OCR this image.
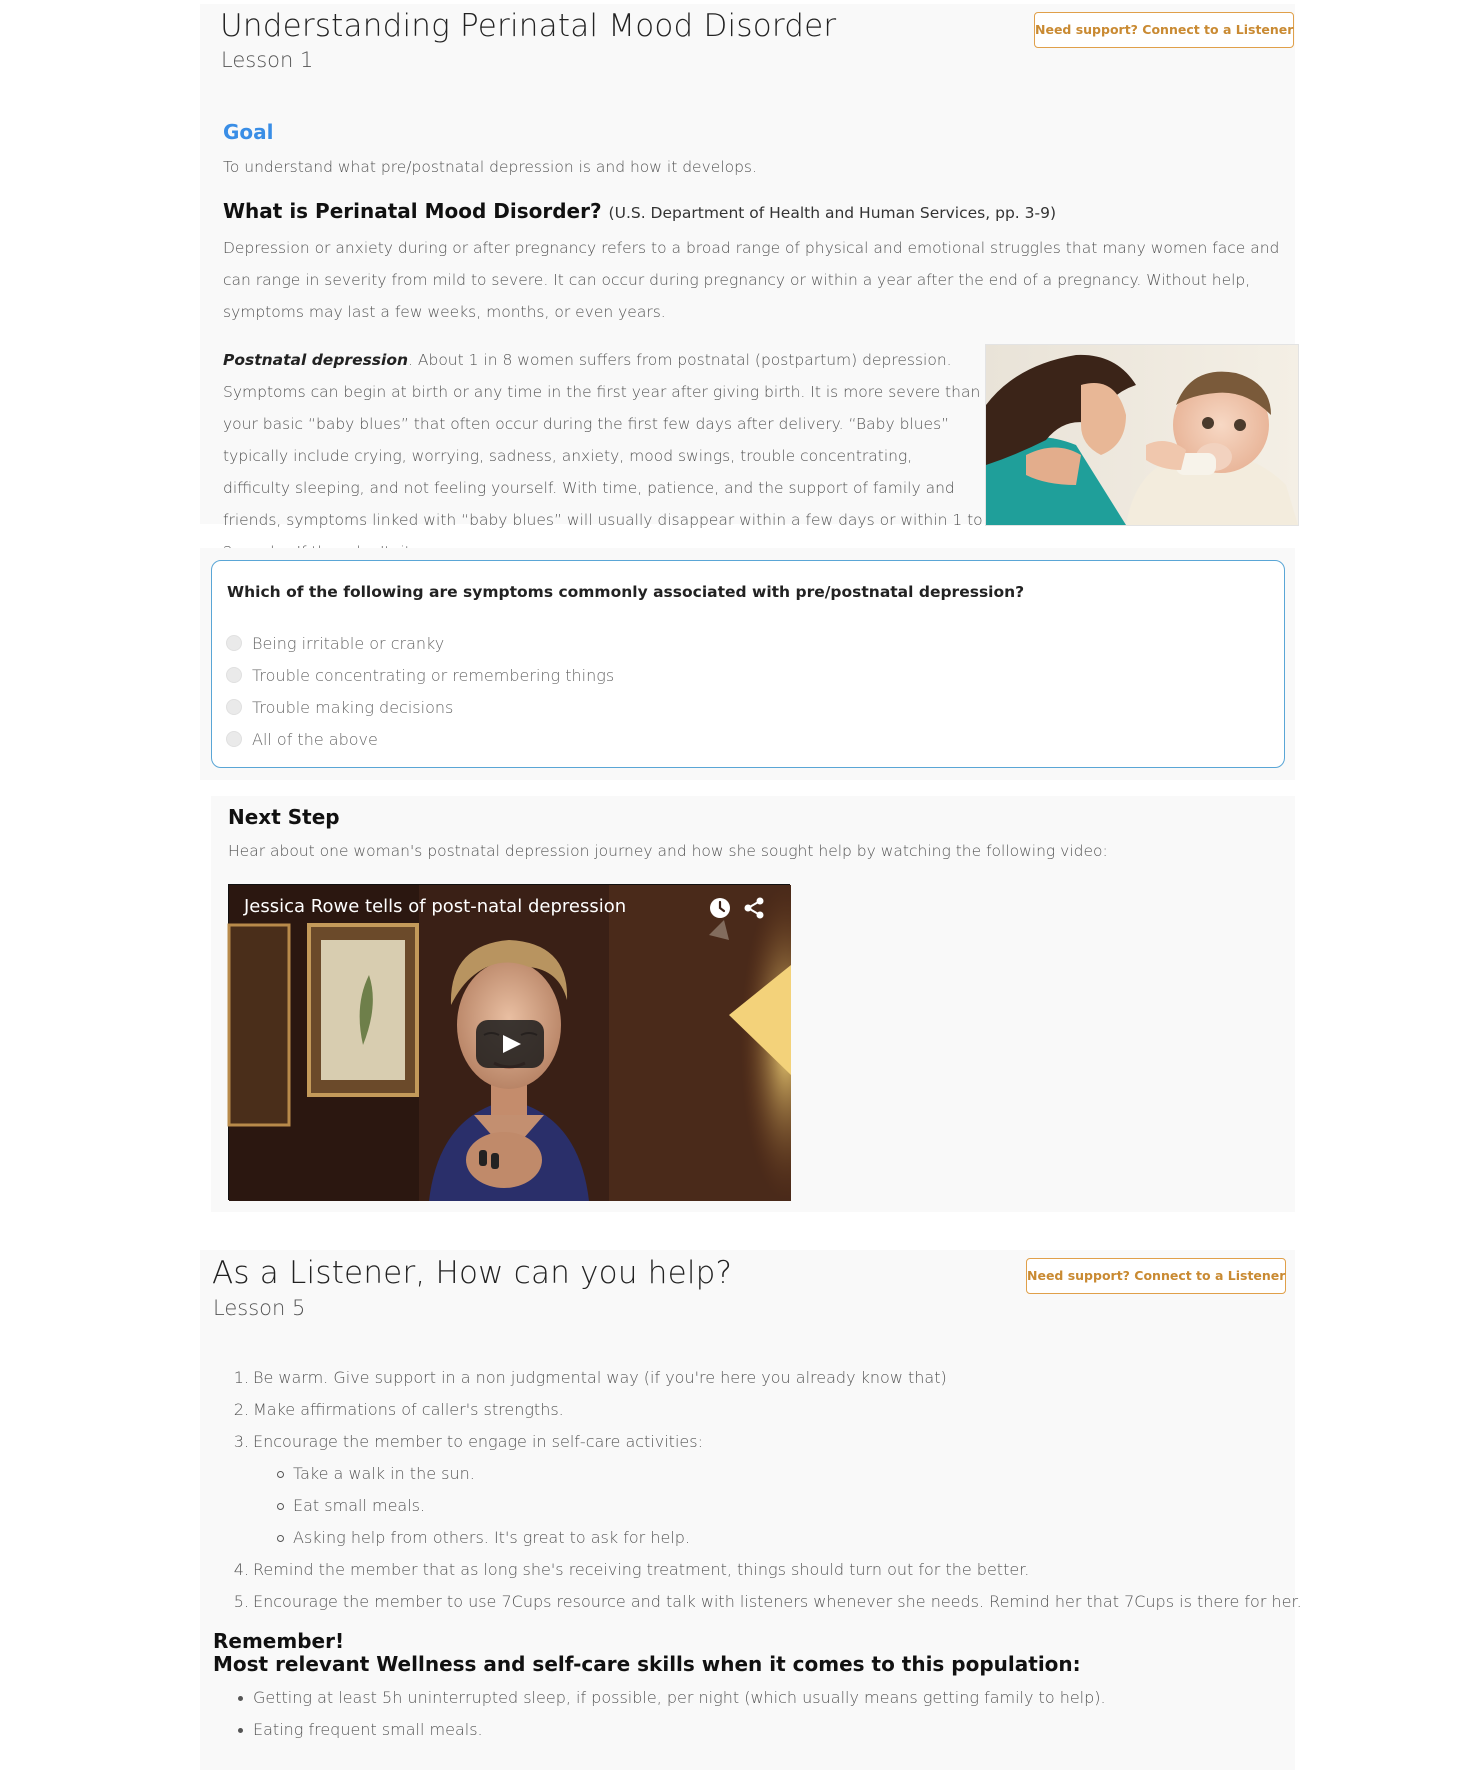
Understanding Perinatal Mood Disorder
Lesson 1
Need support? Connect to a Listener
Goal
To understand what pre/postnatal depression is and how it develops.
What is Perinatal Mood Disorder? (U.S. Department of Health and Human Services, pp. 3-9)
Depression or anxiety during or after pregnancy refers to a broad range of physical and emotional struggles that many women face and can range in severity from mild to severe. It can occur during pregnancy or within a year after the end of a pregnancy. Without help, symptoms may last a few weeks, months, or even years.

Postnatal depression. About 1 in 8 women suffers from postnatal (postpartum) depression. Symptoms can begin at birth or any time in the first year after giving birth. It is more severe than your basic “baby blues” that often occur during the first few days after delivery. “Baby blues” typically include crying, worrying, sadness, anxiety, mood swings, trouble concentrating, difficulty sleeping, and not feeling yourself. With time, patience, and the support of family and friends, symptoms linked with “baby blues” will usually disappear within a few days or within 1 to

Which of the following are symptoms commonly associated with pre/postnatal depression?
Being irritable or cranky
Trouble concentrating or remembering things
Trouble making decisions
All of the above
Next Step
Hear about one woman's postnatal depression journey and how she sought help by watching the following video:
Jessica Rowe tells of post-natal depression
As a Listener, How can you help?
Lesson 5
Need support? Connect to a Listener
1. Be warm. Give support in a non judgmental way (if you're here you already know that)
2. Make affirmations of caller's strengths.
3. Encourage the member to engage in self-care activities:
Take a walk in the sun.
Eat small meals.
Asking help from others. It's great to ask for help.
4. Remind the member that as long she's receiving treatment, things should turn out for the better.
5. Encourage the member to use 7Cups resource and talk with listeners whenever she needs. Remind her that 7Cups is there for her.
Remember!
Most relevant Wellness and self-care skills when it comes to this population:
Getting at least 5h uninterrupted sleep, if possible, per night (which usually means getting family to help).
Eating frequent small meals.
